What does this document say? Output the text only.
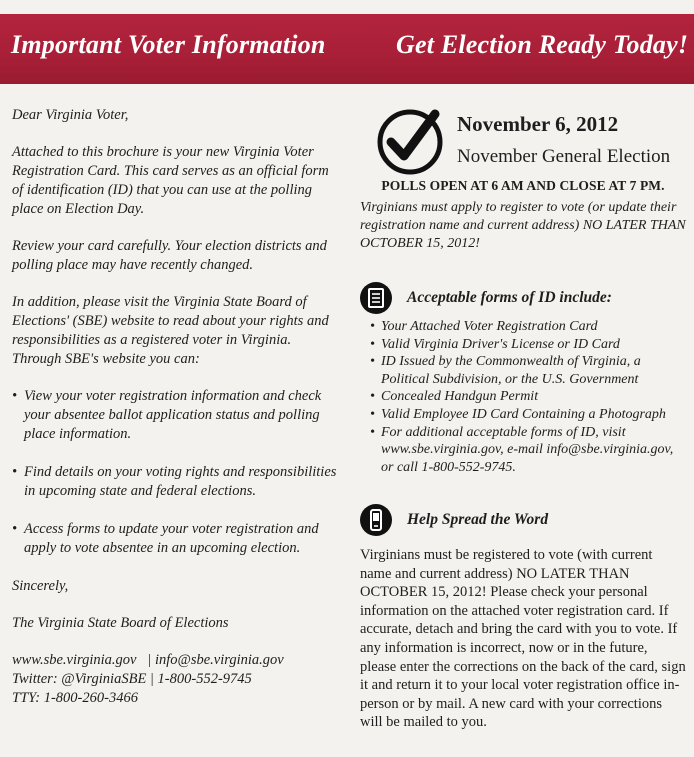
Important Voter Information	Get Election Ready Today!

Dear Virginia Voter,

Attached to this brochure is your new Virginia Voter Registration Card. This card serves as an official form of identification (ID) that you can use at the polling place on Election Day.

Review your card carefully. Your election districts and polling place may have recently changed.

In addition, please visit the Virginia State Board of Elections' (SBE) website to read about your rights and responsibilities as a registered voter in Virginia. Through SBE's website you can:

• View your voter registration information and check your absentee ballot application status and polling place information.
• Find details on your voting rights and responsibilities in upcoming state and federal elections.
• Access forms to update your voter registration and apply to vote absentee in an upcoming election.

Sincerely,

The Virginia State Board of Elections

www.sbe.virginia.gov   | info@sbe.virginia.gov
Twitter: @VirginiaSBE | 1-800-552-9745
TTY: 1-800-260-3466
November 6, 2012
November General Election
POLLS OPEN AT 6 AM AND CLOSE AT 7 PM.
Virginians must apply to register to vote (or update their registration name and current address) NO LATER THAN OCTOBER 15, 2012!
Acceptable forms of ID include:
• Your Attached Voter Registration Card
• Valid Virginia Driver's License or ID Card
• ID Issued by the Commonwealth of Virginia, a Political Subdivision, or the U.S. Government
• Concealed Handgun Permit
• Valid Employee ID Card Containing a Photograph
• For additional acceptable forms of ID, visit www.sbe.virginia.gov, e-mail info@sbe.virginia.gov, or call 1-800-552-9745.
Help Spread the Word
Virginians must be registered to vote (with current name and current address) NO LATER THAN OCTOBER 15, 2012! Please check your personal information on the attached voter registration card. If accurate, detach and bring the card with you to vote. If any information is incorrect, now or in the future, please enter the corrections on the back of the card, sign it and return it to your local voter registration office in-person or by mail. A new card with your corrections will be mailed to you.
